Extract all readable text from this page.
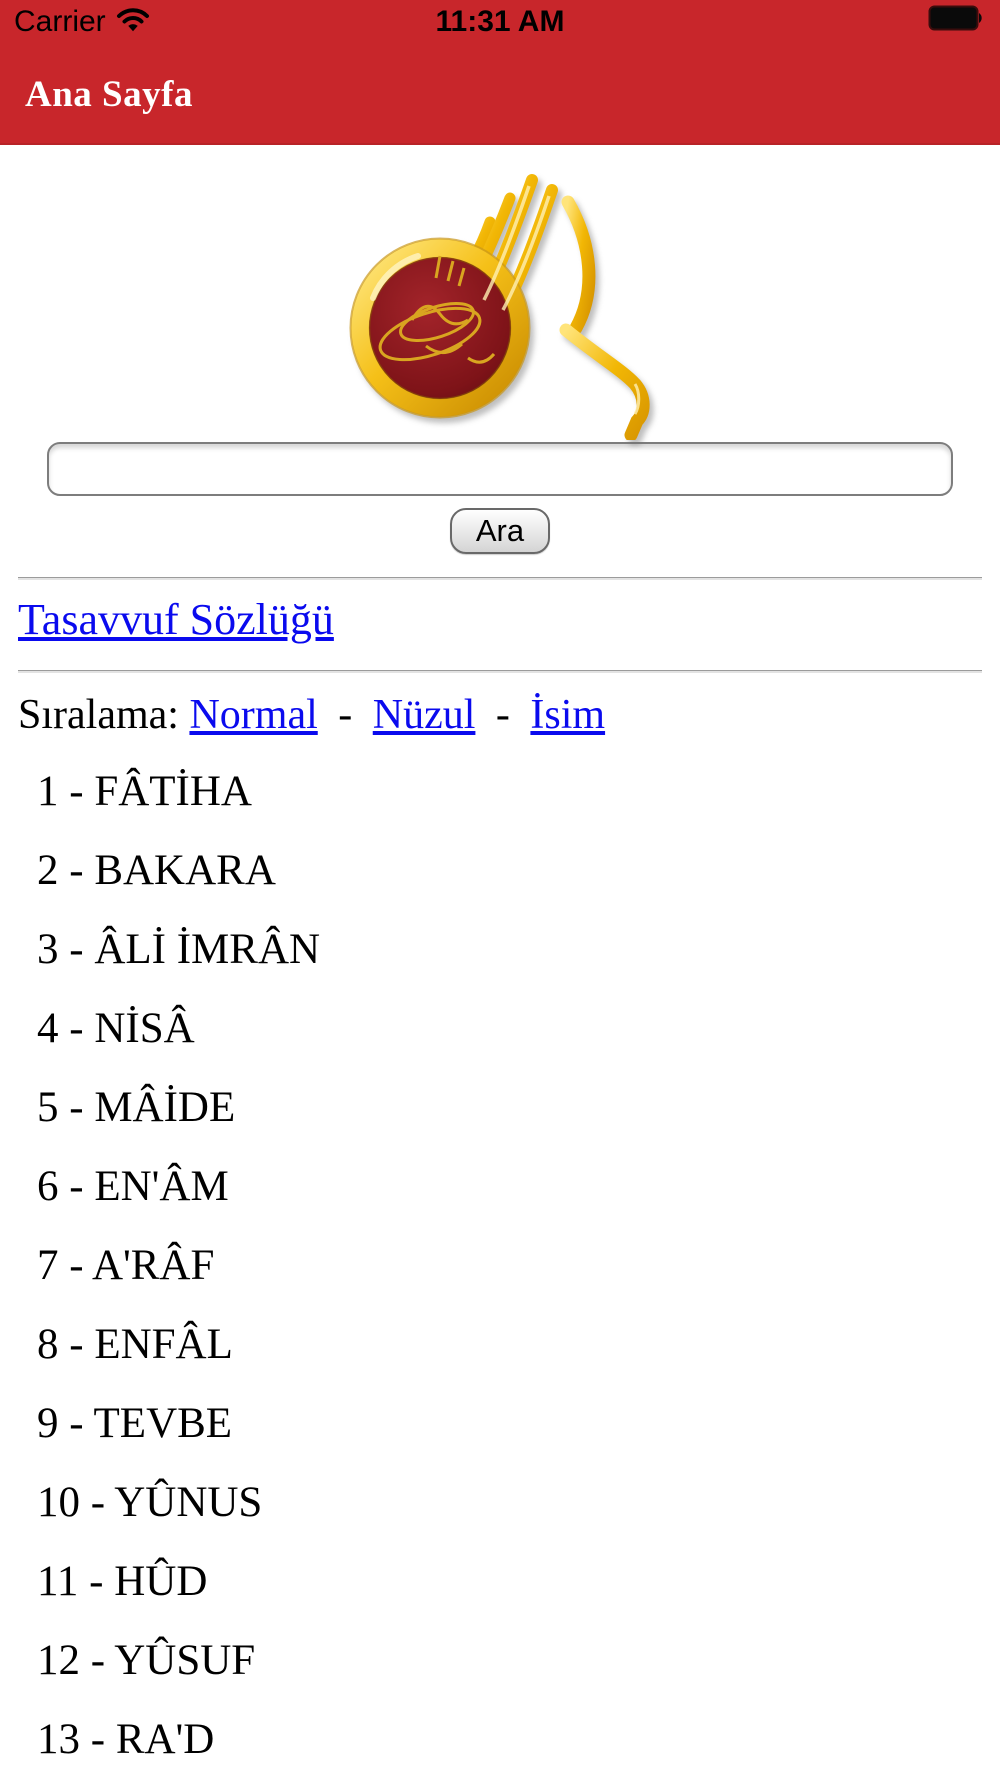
Carrier	11:31 AM
Ana Sayfa
Ara

Tasavvuf Sözlüğü

Sıralama: Normal - Nüzul - İsim

1 - FÂTİHA

2 - BAKARA

3 - ÂLİ İMRÂN

4 - NİSÂ

5 - MÂİDE

6 - EN'ÂM

7 - A'RÂF

8 - ENFÂL

9 - TEVBE

10 - YÛNUS

11 - HÛD

12 - YÛSUF

13 - RA'D
